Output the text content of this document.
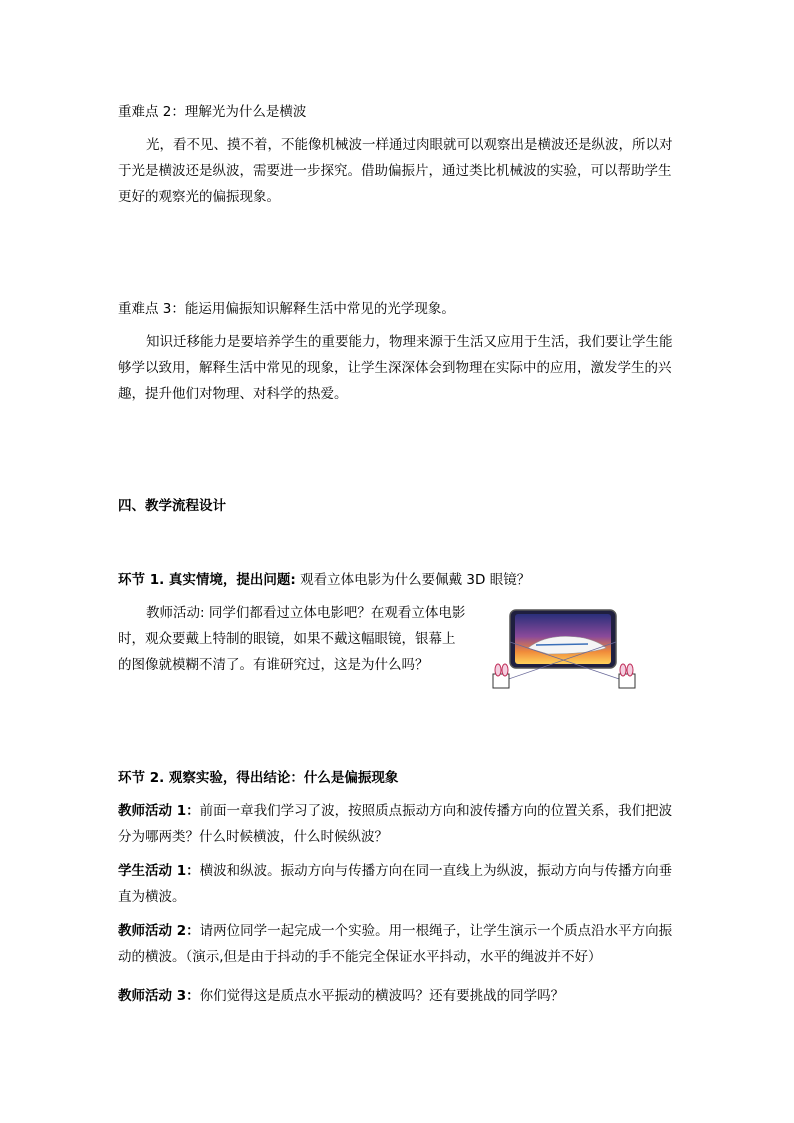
重难点 2：理解光为什么是横波
光，看不见、摸不着，不能像机械波一样通过肉眼就可以观察出是横波还是纵波，所以对于光是横波还是纵波，需要进一步探究。借助偏振片，通过类比机械波的实验，可以帮助学生更好的观察光的偏振现象。
重难点 3：能运用偏振知识解释生活中常见的光学现象。
知识迁移能力是要培养学生的重要能力，物理来源于生活又应用于生活，我们要让学生能够学以致用，解释生活中常见的现象，让学生深深体会到物理在实际中的应用，激发学生的兴趣，提升他们对物理、对科学的热爱。
四、教学流程设计
环节 1. 真实情境，提出问题: 观看立体电影为什么要佩戴 3D 眼镜？
教师活动: 同学们都看过立体电影吧？在观看立体电影时，观众要戴上特制的眼镜，如果不戴这幅眼镜，银幕上的图像就模糊不清了。有谁研究过，这是为什么吗？
环节 2. 观察实验，得出结论：什么是偏振现象
教师活动 1：前面一章我们学习了波，按照质点振动方向和波传播方向的位置关系，我们把波分为哪两类？什么时候横波，什么时候纵波？
学生活动 1：横波和纵波。振动方向与传播方向在同一直线上为纵波，振动方向与传播方向垂直为横波。
教师活动 2：请两位同学一起完成一个实验。用一根绳子，让学生演示一个质点沿水平方向振动的横波。（演示,但是由于抖动的手不能完全保证水平抖动，水平的绳波并不好）
教师活动 3：你们觉得这是质点水平振动的横波吗？还有要挑战的同学吗？
